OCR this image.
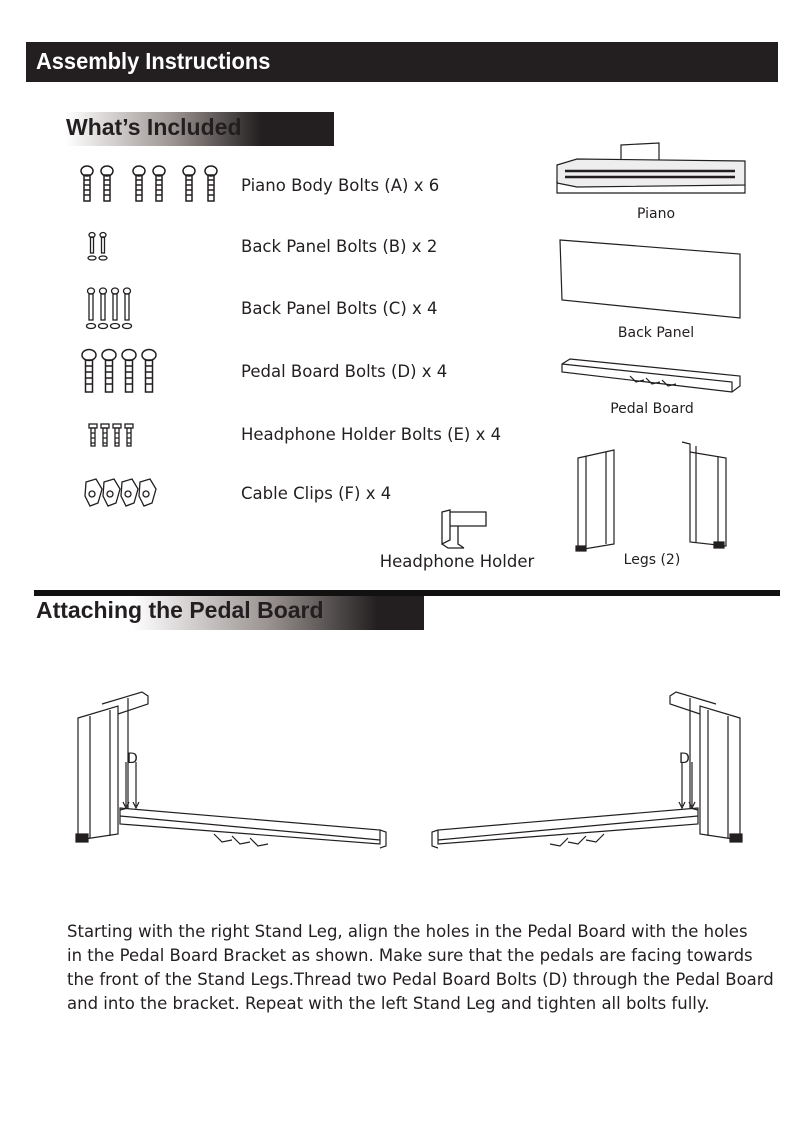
Assembly Instructions
What’s Included
Piano Body Bolts (A) x 6
Back Panel Bolts (B) x 2
Back Panel Bolts (C) x 4
Pedal Board Bolts (D) x 4
Headphone Holder Bolts (E) x 4
Cable Clips (F) x 4
Piano
Back Panel
Pedal Board
Legs (2)
Headphone Holder
Attaching the Pedal Board
D	D
Starting with the right Stand Leg, align the holes in the Pedal Board with the holes
in the Pedal Board Bracket as shown. Make sure that the pedals are facing towards
the front of the Stand Legs.Thread two Pedal Board Bolts (D) through the Pedal Board
and into the bracket. Repeat with the left Stand Leg and tighten all bolts fully.
